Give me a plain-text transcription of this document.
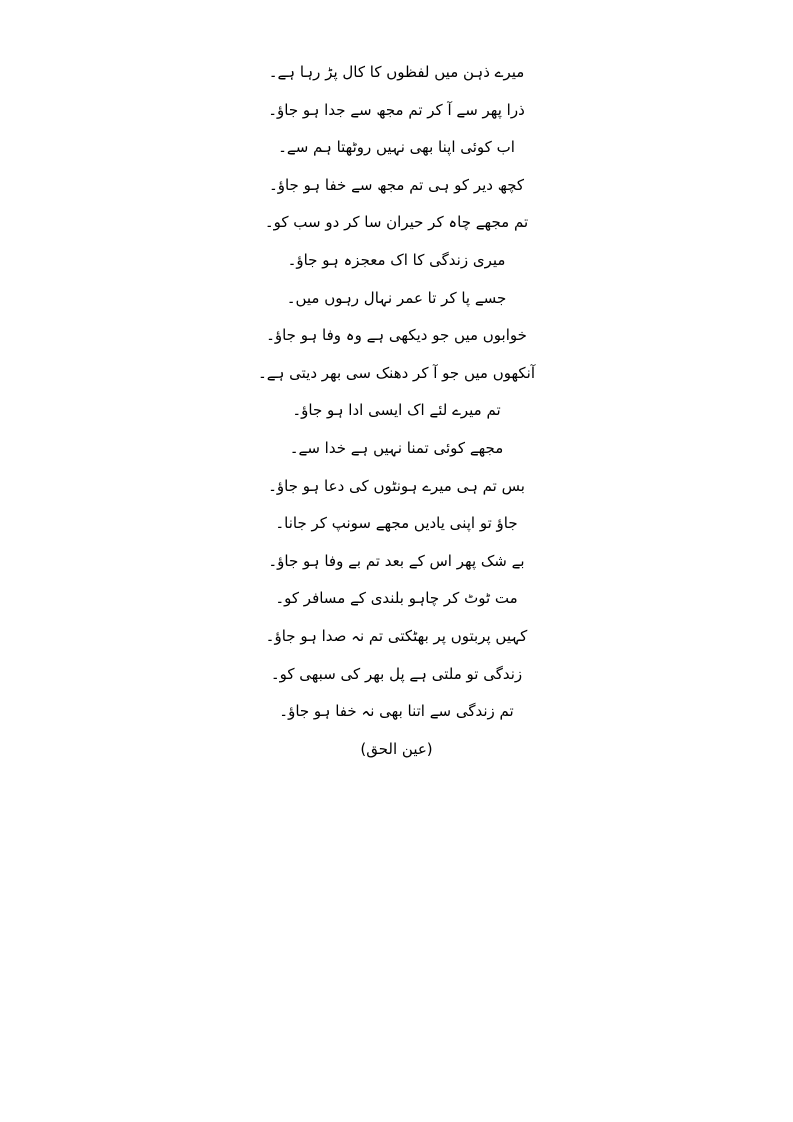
میرے ذہن میں لفظوں کا کال پڑ رہا ہے۔
ذرا پھر سے آ کر تم مجھ سے جدا ہو جاؤ۔
اب کوئی اپنا بھی نہیں روٹھتا ہم سے۔
کچھ دیر کو ہی تم مجھ سے خفا ہو جاؤ۔
تم مجھے چاہ کر حیران سا کر دو سب کو۔
میری زندگی کا اک معجزہ ہو جاؤ۔
جسے پا کر تا عمر نہال رہوں میں۔
خوابوں میں جو دیکھی ہے وہ وفا ہو جاؤ۔
آنکھوں میں جو آ کر دھنک سی بھر دیتی ہے۔
تم میرے لئے اک ایسی ادا ہو جاؤ۔
مجھے کوئی تمنا نہیں ہے خدا سے۔
بس تم ہی میرے ہونٹوں کی دعا ہو جاؤ۔
جاؤ تو اپنی یادیں مجھے سونپ کر جانا۔
بے شک پھر اس کے بعد تم بے وفا ہو جاؤ۔
مت ٹوٹ کر چاہو بلندی کے مسافر کو۔
کہیں پربتوں پر بھٹکتی تم نہ صدا ہو جاؤ۔
زندگی تو ملتی ہے پل بھر کی سبھی کو۔
تم زندگی سے اتنا بھی نہ خفا ہو جاؤ۔
(عین الحق)
